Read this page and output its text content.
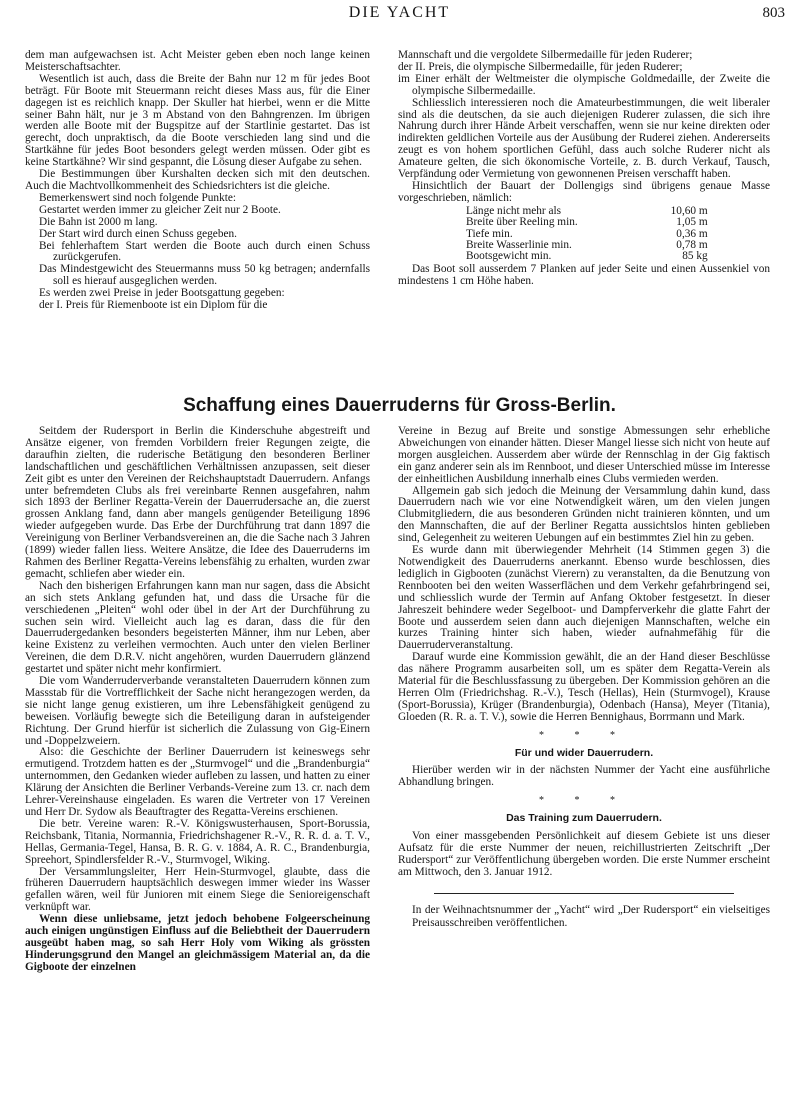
DIE YACHT	803

dem man aufgewachsen ist. Acht Meister geben eben noch lange keinen Meisterschaftsachter.

Wesentlich ist auch, dass die Breite der Bahn nur 12 m für jedes Boot beträgt. Für Boote mit Steuermann reicht dieses Mass aus, für die Einer dagegen ist es reichlich knapp. Der Skuller hat hierbei, wenn er die Mitte seiner Bahn hält, nur je 3 m Abstand von den Bahngrenzen. Im übrigen werden alle Boote mit der Bugspitze auf der Startlinie gestartet. Das ist gerecht, doch unpraktisch, da die Boote verschieden lang sind und die Startkähne für jedes Boot besonders gelegt werden müssen. Oder gibt es keine Startkähne? Wir sind gespannt, die Lösung dieser Aufgabe zu sehen.

Die Bestimmungen über Kurshalten decken sich mit den deutschen. Auch die Machtvollkommenheit des Schiedsrichters ist die gleiche.

Bemerkenswert sind noch folgende Punkte:

Gestartet werden immer zu gleicher Zeit nur 2 Boote.

Die Bahn ist 2000 m lang.

Der Start wird durch einen Schuss gegeben.

Bei fehlerhaftem Start werden die Boote auch durch einen Schuss zurückgerufen.

Das Mindestgewicht des Steuermanns muss 50 kg betragen; andernfalls soll es hierauf ausgeglichen werden.

Es werden zwei Preise in jeder Bootsgattung gegeben:

der I. Preis für Riemenboote ist ein Diplom für die

Mannschaft und die vergoldete Silbermedaille für jeden Ruderer;

der II. Preis, die olympische Silbermedaille, für jeden Ruderer;

im Einer erhält der Weltmeister die olympische Goldmedaille, der Zweite die olympische Silbermedaille.

Schliesslich interessieren noch die Amateurbestimmungen, die weit liberaler sind als die deutschen, da sie auch diejenigen Ruderer zulassen, die sich ihre Nahrung durch ihrer Hände Arbeit verschaffen, wenn sie nur keine direkten oder indirekten geldlichen Vorteile aus der Ausübung der Ruderei ziehen. Andererseits zeugt es von hohem sportlichen Gefühl, dass auch solche Ruderer nicht als Amateure gelten, die sich ökonomische Vorteile, z. B. durch Verkauf, Tausch, Verpfändung oder Vermietung von gewonnenen Preisen verschafft haben.

Hinsichtlich der Bauart der Dollengigs sind übrigens genaue Masse vorgeschrieben, nämlich:

Länge nicht mehr als	10,60 m
Breite über Reeling min.	1,05 m
Tiefe min.	0,36 m
Breite Wasserlinie min.	0,78 m
Bootsgewicht min.	85 kg

Das Boot soll ausserdem 7 Planken auf jeder Seite und einen Aussenkiel von mindestens 1 cm Höhe haben.

Schaffung eines Dauerruderns für Gross-Berlin.

Seitdem der Rudersport in Berlin die Kinderschuhe abgestreift und Ansätze eigener, von fremden Vorbildern freier Regungen zeigte, die daraufhin zielten, die ruderische Betätigung den besonderen Berliner landschaftlichen und geschäftlichen Verhältnissen anzupassen, seit dieser Zeit gibt es unter den Vereinen der Reichshauptstadt Dauerrudern. Anfangs unter befremdeten Clubs als frei vereinbarte Rennen ausgefahren, nahm sich 1893 der Berliner Regatta-Verein der Dauerrudersache an, die zuerst grossen Anklang fand, dann aber mangels genügender Beteiligung 1896 wieder aufgegeben wurde. Das Erbe der Durchführung trat dann 1897 die Vereinigung von Berliner Verbandsvereinen an, die die Sache nach 3 Jahren (1899) wieder fallen liess. Weitere Ansätze, die Idee des Dauerruderns im Rahmen des Berliner Regatta-Vereins lebensfähig zu erhalten, wurden zwar gemacht, schliefen aber wieder ein.

Nach den bisherigen Erfahrungen kann man nur sagen, dass die Absicht an sich stets Anklang gefunden hat, und dass die Ursache für die verschiedenen „Pleiten“ wohl oder übel in der Art der Durchführung zu suchen sein wird. Vielleicht auch lag es daran, dass die für den Dauerrudergedanken besonders begeisterten Männer, ihm nur Leben, aber keine Existenz zu verleihen vermochten. Auch unter den vielen Berliner Vereinen, die dem D.R.V. nicht angehören, wurden Dauerrudern glänzend gestartet und später nicht mehr konfirmiert.

Die vom Wanderruderverbande veranstalteten Dauerrudern können zum Massstab für die Vortrefflichkeit der Sache nicht herangezogen werden, da sie nicht lange genug existieren, um ihre Lebensfähigkeit genügend zu beweisen. Vorläufig bewegte sich die Beteiligung daran in aufsteigender Richtung. Der Grund hierfür ist sicherlich die Zulassung von Gig-Einern und -Doppelzweiern.

Also: die Geschichte der Berliner Dauerrudern ist keineswegs sehr ermutigend. Trotzdem hatten es der „Sturmvogel“ und die „Brandenburgia“ unternommen, den Gedanken wieder aufleben zu lassen, und hatten zu einer Klärung der Ansichten die Berliner Verbands-Vereine zum 13. cr. nach dem Lehrer-Vereinshause eingeladen. Es waren die Vertreter von 17 Vereinen und Herr Dr. Sydow als Beauftragter des Regatta-Vereins erschienen.

Die betr. Vereine waren: R.-V. Königswusterhausen, Sport-Borussia, Reichsbank, Titania, Normannia, Friedrichshagener R.-V., R. R. d. a. T. V., Hellas, Germania-Tegel, Hansa, B. R. G. v. 1884, A. R. C., Brandenburgia, Spreehort, Spindlersfelder R.-V., Sturmvogel, Wiking.

Der Versammlungsleiter, Herr Hein-Sturmvogel, glaubte, dass die früheren Dauerrudern hauptsächlich deswegen immer wieder ins Wasser gefallen wären, weil für Junioren mit einem Siege die Senioreigenschaft verknüpft war.

Wenn diese unliebsame, jetzt jedoch behobene Folgeerscheinung auch einigen ungünstigen Einfluss auf die Beliebtheit der Dauerrudern ausgeübt haben mag, so sah Herr Holy vom Wiking als grössten Hinderungsgrund den Mangel an gleichmässigem Material an, da die Gigboote der einzelnen

Vereine in Bezug auf Breite und sonstige Abmessungen sehr erhebliche Abweichungen von einander hätten. Dieser Mangel liesse sich nicht von heute auf morgen ausgleichen. Ausserdem aber würde der Rennschlag in der Gig faktisch ein ganz anderer sein als im Rennboot, und dieser Unterschied müsse im Interesse der einheitlichen Ausbildung innerhalb eines Clubs vermieden werden.

Allgemein gab sich jedoch die Meinung der Versammlung dahin kund, dass Dauerrudern nach wie vor eine Notwendigkeit wären, um den vielen jungen Clubmitgliedern, die aus besonderen Gründen nicht trainieren könnten, und um den Mannschaften, die auf der Berliner Regatta aussichtslos hinten geblieben sind, Gelegenheit zu weiteren Uebungen auf ein bestimmtes Ziel hin zu geben.

Es wurde dann mit überwiegender Mehrheit (14 Stimmen gegen 3) die Notwendigkeit des Dauerruderns anerkannt. Ebenso wurde beschlossen, dies lediglich in Gigbooten (zunächst Vierern) zu veranstalten, da die Benutzung von Rennbooten bei den weiten Wasserflächen und dem Verkehr gefahrbringend sei, und schliesslich wurde der Termin auf Anfang Oktober festgesetzt. In dieser Jahreszeit behindere weder Segelboot- und Dampferverkehr die glatte Fahrt der Boote und ausserdem seien dann auch diejenigen Mannschaften, welche ein kurzes Training hinter sich haben, wieder aufnahmefähig für die Dauerruderveranstaltung.

Darauf wurde eine Kommission gewählt, die an der Hand dieser Beschlüsse das nähere Programm ausarbeiten soll, um es später dem Regatta-Verein als Material für die Beschlussfassung zu übergeben. Der Kommission gehören an die Herren Olm (Friedrichshag. R.-V.), Tesch (Hellas), Hein (Sturmvogel), Krause (Sport-Borussia), Krüger (Brandenburgia), Odenbach (Hansa), Meyer (Titania), Gloeden (R. R. a. T. V.), sowie die Herren Bennighaus, Borrmann und Mark.

* * *
Für und wider Dauerrudern.

Hierüber werden wir in der nächsten Nummer der Yacht eine ausführliche Abhandlung bringen.

* * *
Das Training zum Dauerrudern.

Von einer massgebenden Persönlichkeit auf diesem Gebiete ist uns dieser Aufsatz für die erste Nummer der neuen, reichillustrierten Zeitschrift „Der Rudersport“ zur Veröffentlichung übergeben worden. Die erste Nummer erscheint am Mittwoch, den 3. Januar 1912.

In der Weihnachtsnummer der „Yacht“ wird „Der Rudersport“ ein vielseitiges Preisausschreiben veröffentlichen.
